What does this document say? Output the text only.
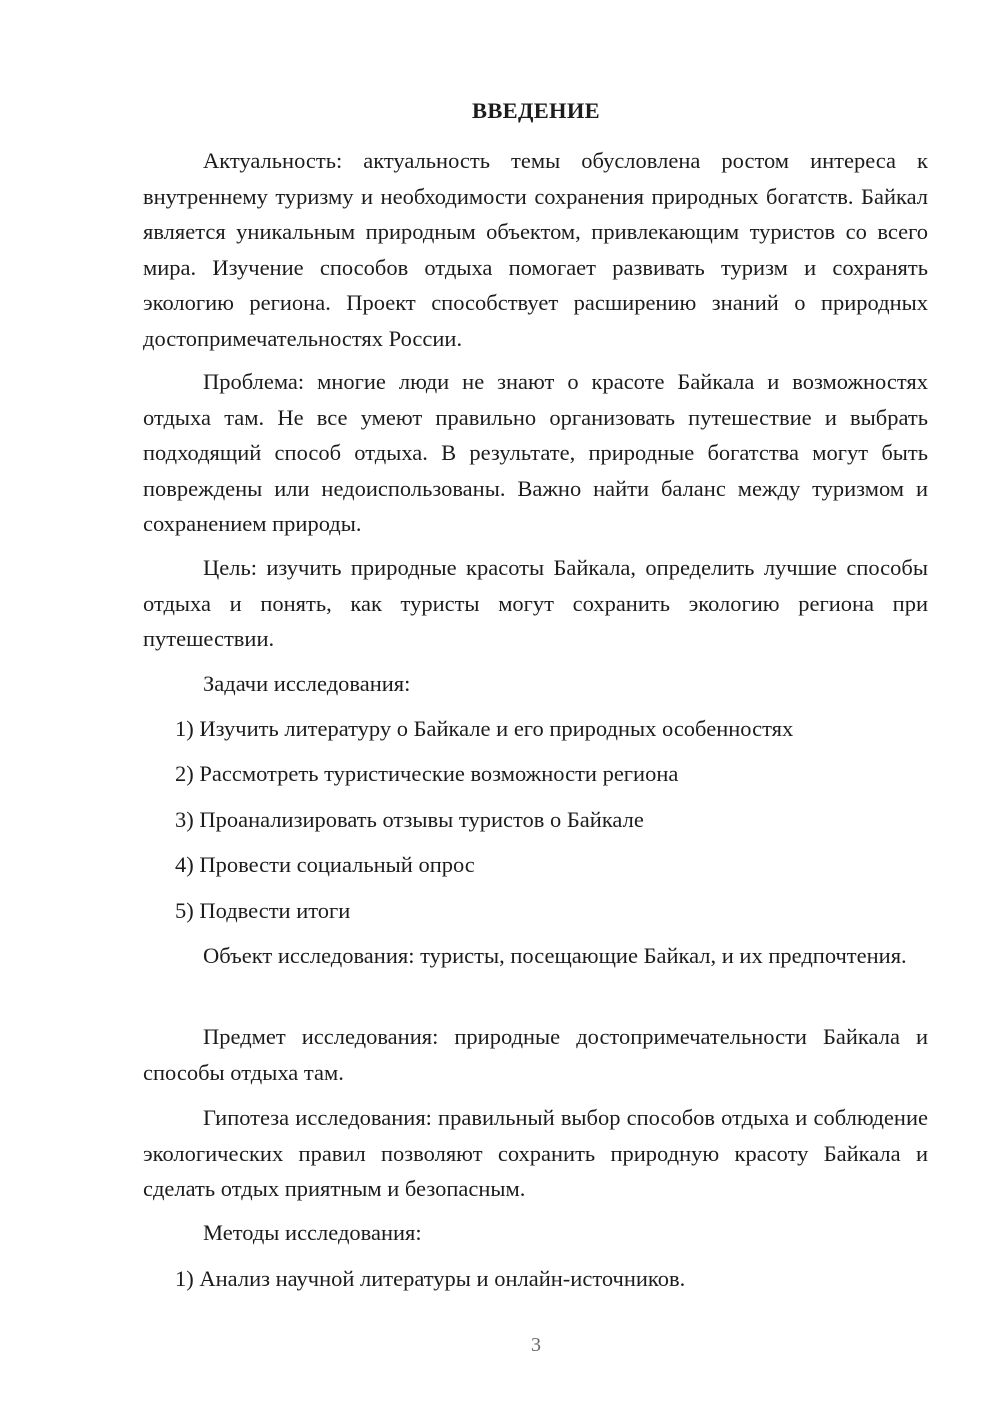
ВВЕДЕНИЕ

Актуальность: актуальность темы обусловлена ростом интереса к внутреннему туризму и необходимости сохранения природных богатств. Байкал является уникальным природным объектом, привлекающим туристов со всего мира. Изучение способов отдыха помогает развивать туризм и сохранять экологию региона. Проект способствует расширению знаний о природных достопримечательностях России.

Проблема: многие люди не знают о красоте Байкала и возможностях отдыха там. Не все умеют правильно организовать путешествие и выбрать подходящий способ отдыха. В результате, природные богатства могут быть повреждены или недоиспользованы. Важно найти баланс между туризмом и сохранением природы.

Цель: изучить природные красоты Байкала, определить лучшие способы отдыха и понять, как туристы могут сохранить экологию региона при путешествии.

Задачи исследования:

1) Изучить литературу о Байкале и его природных особенностях

2) Рассмотреть туристические возможности региона

3) Проанализировать отзывы туристов о Байкале

4) Провести социальный опрос

5) Подвести итоги

Объект исследования: туристы, посещающие Байкал, и их предпочтения.

Предмет исследования: природные достопримечательности Байкала и способы отдыха там.

Гипотеза исследования: правильный выбор способов отдыха и соблюдение экологических правил позволяют сохранить природную красоту Байкала и сделать отдых приятным и безопасным.

Методы исследования:

1) Анализ научной литературы и онлайн-источников.

3
